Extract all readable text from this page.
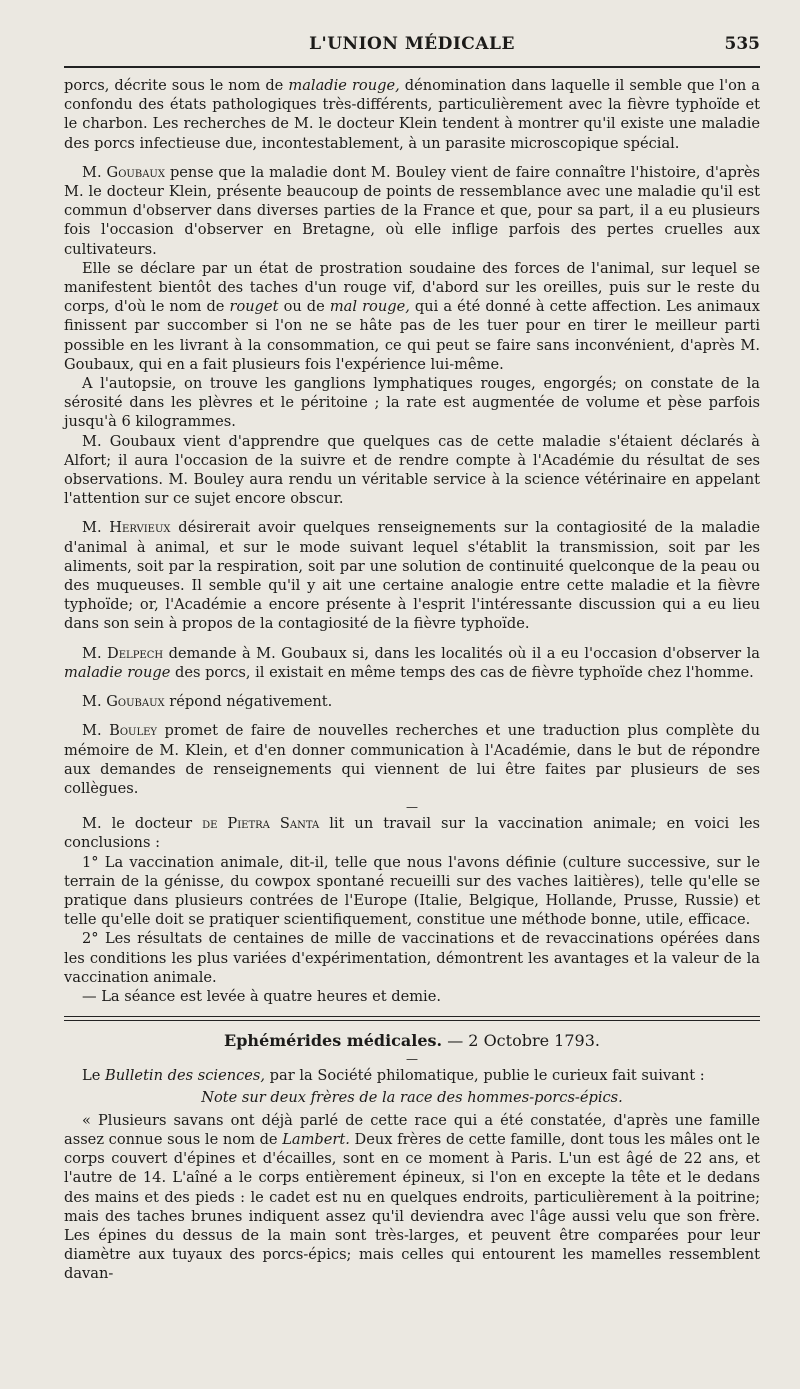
L'UNION MÉDICALE	535

porcs, décrite sous le nom de maladie rouge, dénomination dans laquelle il semble que l'on a confondu des états pathologiques très-différents, particulièrement avec la fièvre typhoïde et le charbon. Les recherches de M. le docteur Klein tendent à montrer qu'il existe une maladie des porcs infectieuse due, incontestablement, à un parasite microscopique spécial.

M. Goubaux pense que la maladie dont M. Bouley vient de faire connaître l'histoire, d'après M. le docteur Klein, présente beaucoup de points de ressemblance avec une maladie qu'il est commun d'observer dans diverses parties de la France et que, pour sa part, il a eu plusieurs fois l'occasion d'observer en Bretagne, où elle inflige parfois des pertes cruelles aux cultivateurs.

Elle se déclare par un état de prostration soudaine des forces de l'animal, sur lequel se manifestent bientôt des taches d'un rouge vif, d'abord sur les oreilles, puis sur le reste du corps, d'où le nom de rouget ou de mal rouge, qui a été donné à cette affection. Les animaux finissent par succomber si l'on ne se hâte pas de les tuer pour en tirer le meilleur parti possible en les livrant à la consommation, ce qui peut se faire sans inconvénient, d'après M. Goubaux, qui en a fait plusieurs fois l'expérience lui-même.

A l'autopsie, on trouve les ganglions lymphatiques rouges, engorgés; on constate de la sérosité dans les plèvres et le péritoine ; la rate est augmentée de volume et pèse parfois jusqu'à 6 kilogrammes.

M. Goubaux vient d'apprendre que quelques cas de cette maladie s'étaient déclarés à Alfort; il aura l'occasion de la suivre et de rendre compte à l'Académie du résultat de ses observations. M. Bouley aura rendu un véritable service à la science vétérinaire en appelant l'attention sur ce sujet encore obscur.

M. Hervieux désirerait avoir quelques renseignements sur la contagiosité de la maladie d'animal à animal, et sur le mode suivant lequel s'établit la transmission, soit par les aliments, soit par la respiration, soit par une solution de continuité quelconque de la peau ou des muqueuses. Il semble qu'il y ait une certaine analogie entre cette maladie et la fièvre typhoïde; or, l'Académie a encore présente à l'esprit l'intéressante discussion qui a eu lieu dans son sein à propos de la contagiosité de la fièvre typhoïde.

M. Delpech demande à M. Goubaux si, dans les localités où il a eu l'occasion d'observer la maladie rouge des porcs, il existait en même temps des cas de fièvre typhoïde chez l'homme.

M. Goubaux répond négativement.

M. Bouley promet de faire de nouvelles recherches et une traduction plus complète du mémoire de M. Klein, et d'en donner communication à l'Académie, dans le but de répondre aux demandes de renseignements qui viennent de lui être faites par plusieurs de ses collègues.

—

M. le docteur de Pietra Santa lit un travail sur la vaccination animale; en voici les conclusions :

1° La vaccination animale, dit-il, telle que nous l'avons définie (culture successive, sur le terrain de la génisse, du cowpox spontané recueilli sur des vaches laitières), telle qu'elle se pratique dans plusieurs contrées de l'Europe (Italie, Belgique, Hollande, Prusse, Russie) et telle qu'elle doit se pratiquer scientifiquement, constitue une méthode bonne, utile, efficace.

2° Les résultats de centaines de mille de vaccinations et de revaccinations opérées dans les conditions les plus variées d'expérimentation, démontrent les avantages et la valeur de la vaccination animale.

— La séance est levée à quatre heures et demie.

Ephémérides médicales. — 2 Octobre 1793.
—

Le Bulletin des sciences, par la Société philomatique, publie le curieux fait suivant :

Note sur deux frères de la race des hommes-porcs-épics.

« Plusieurs savans ont déjà parlé de cette race qui a été constatée, d'après une famille assez connue sous le nom de Lambert. Deux frères de cette famille, dont tous les mâles ont le corps couvert d'épines et d'écailles, sont en ce moment à Paris. L'un est âgé de 22 ans, et l'autre de 14. L'aîné a le corps entièrement épineux, si l'on en excepte la tête et le dedans des mains et des pieds : le cadet est nu en quelques endroits, particulièrement à la poitrine; mais des taches brunes indiquent assez qu'il deviendra avec l'âge aussi velu que son frère. Les épines du dessus de la main sont très-larges, et peuvent être comparées pour leur diamètre aux tuyaux des porcs-épics; mais celles qui entourent les mamelles ressemblent davan-
